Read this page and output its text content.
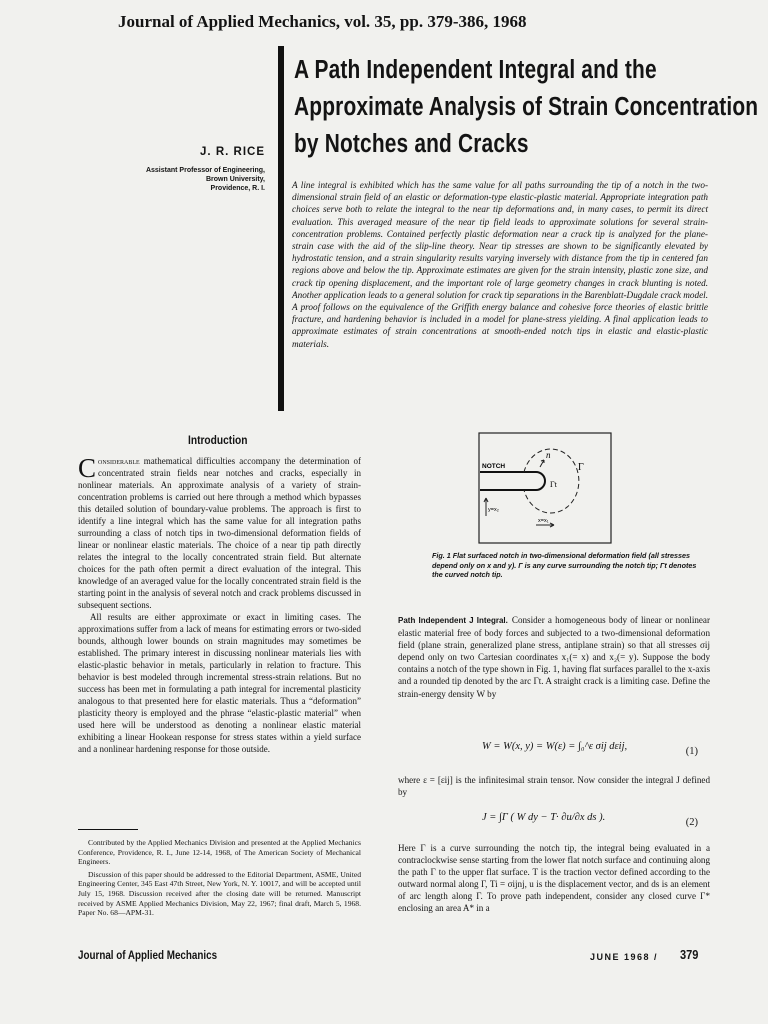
Journal of Applied Mechanics, vol. 35, pp. 379-386, 1968
A Path Independent Integral and the
Approximate Analysis of Strain Concentration
by Notches and Cracks
J. R. RICE
Assistant Professor of Engineering,
Brown University,
Providence, R. I.	A line integral is exhibited which has the same value for all paths surrounding the tip of a notch in the two-dimensional strain field of an elastic or deformation-type elastic-plastic material. Appropriate integration path choices serve both to relate the integral to the near tip deformations and, in many cases, to permit its direct evaluation. This averaged measure of the near tip field leads to approximate solutions for several strain-concentration problems. Contained perfectly plastic deformation near a crack tip is analyzed for the plane-strain case with the aid of the slip-line theory. Near tip stresses are shown to be significantly elevated by hydrostatic tension, and a strain singularity results varying inversely with distance from the tip in centered fan regions above and below the tip. Approximate estimates are given for the strain intensity, plastic zone size, and crack tip opening displacement, and the important role of large geometry changes in crack blunting is noted. Another application leads to a general solution for crack tip separations in the Barenblatt-Dugdale crack model. A proof follows on the equivalence of the Griffith energy balance and cohesive force theories of elastic brittle fracture, and hardening behavior is included in a model for plane-stress yielding. A final application leads to approximate estimates of strain concentrations at smooth-ended notch tips in elastic and elastic-plastic materials.
Introduction

Considerable mathematical difficulties accompany the determination of concentrated strain fields near notches and cracks, especially in nonlinear materials. An approximate analysis of a variety of strain-concentration problems is carried out here through a method which bypasses this detailed solution of boundary-value problems. The approach is first to identify a line integral which has the same value for all integration paths surrounding a class of notch tips in two-dimensional deformation fields of linear or nonlinear elastic materials. The choice of a near tip path directly relates the integral to the locally concentrated strain field. But alternate choices for the path often permit a direct evaluation of the integral. This knowledge of an averaged value for the locally concentrated strain field is the starting point in the analysis of several notch and crack problems discussed in subsequent sections.

All results are either approximate or exact in limiting cases. The approximations suffer from a lack of means for estimating errors or two-sided bounds, although lower bounds on strain magnitudes may sometimes be established. The primary interest in discussing nonlinear materials lies with elastic-plastic behavior in metals, particularly in relation to fracture. This behavior is best modeled through incremental stress-strain relations. But no success has been met in formulating a path integral for incremental plasticity analogous to that presented here for elastic materials. Thus a “deformation” plasticity theory is employed and the phrase “elastic-plastic material” when used here will be understood as denoting a nonlinear elastic material exhibiting a linear Hookean response for stress states within a yield surface and a nonlinear hardening response for those outside.

Contributed by the Applied Mechanics Division and presented at the Applied Mechanics Conference, Providence, R. I., June 12-14, 1968, of The American Society of Mechanical Engineers.

Discussion of this paper should be addressed to the Editorial Department, ASME, United Engineering Center, 345 East 47th Street, New York, N. Y. 10017, and will be accepted until July 15, 1968. Discussion received after the closing date will be returned. Manuscript received by ASME Applied Mechanics Division, May 22, 1967; final draft, March 5, 1968. Paper No. 68—APM-31.

NOTCH
n
Γ
Γt
y=x₂
x=x₁
Fig. 1 Flat surfaced notch in two-dimensional deformation field (all stresses depend only on x and y). Γ is any curve surrounding the notch tip; Γt denotes the curved notch tip.
Path Independent J Integral. Consider a homogeneous body of linear or nonlinear elastic material free of body forces and subjected to a two-dimensional deformation field (plane strain, generalized plane stress, antiplane strain) so that all stresses σij depend only on two Cartesian coordinates x₁(= x) and x₂(= y). Suppose the body contains a notch of the type shown in Fig. 1, having flat surfaces parallel to the x-axis and a rounded tip denoted by the arc Γt. A straight crack is a limiting case. Define the strain-energy density W by
W = W(x, y) = W(ε) = ∫₀^ε σij dεij,	(1)
where ε = [εij] is the infinitesimal strain tensor. Now consider the integral J defined by
J = ∫Γ ( W dy − T· ∂u/∂x ds ).	(2)
Here Γ is a curve surrounding the notch tip, the integral being evaluated in a contraclockwise sense starting from the lower flat notch surface and continuing along the path Γ to the upper flat surface. T is the traction vector defined according to the outward normal along Γ, Ti = σijnj, u is the displacement vector, and ds is an element of arc length along Γ. To prove path independent, consider any closed curve Γ* enclosing an area A* in a
Journal of Applied Mechanics	JUNE 1968 / 379
